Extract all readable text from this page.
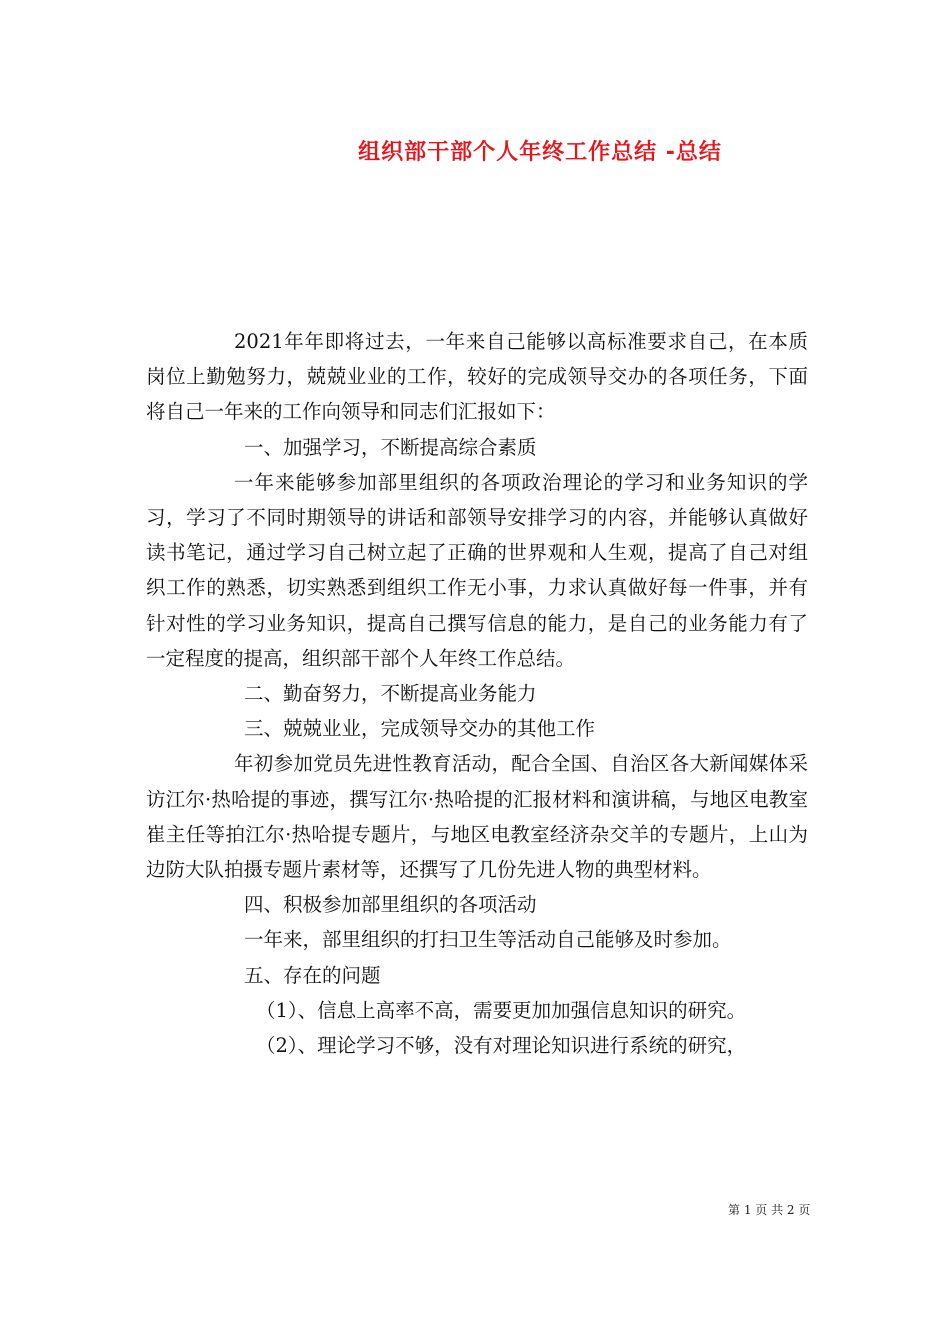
组织部干部个人年终工作总结 -总结

2021年年即将过去，一年来自己能够以高标准要求自己，在本质岗位上勤勉努力，兢兢业业的工作，较好的完成领导交办的各项任务，下面将自己一年来的工作向领导和同志们汇报如下：

一、加强学习，不断提高综合素质

一年来能够参加部里组织的各项政治理论的学习和业务知识的学习，学习了不同时期领导的讲话和部领导安排学习的内容，并能够认真做好读书笔记，通过学习自己树立起了正确的世界观和人生观，提高了自己对组织工作的熟悉，切实熟悉到组织工作无小事，力求认真做好每一件事，并有针对性的学习业务知识，提高自己撰写信息的能力，是自己的业务能力有了一定程度的提高，组织部干部个人年终工作总结。

二、勤奋努力，不断提高业务能力

三、兢兢业业，完成领导交办的其他工作

年初参加党员先进性教育活动，配合全国、自治区各大新闻媒体采访江尔·热哈提的事迹，撰写江尔·热哈提的汇报材料和演讲稿，与地区电教室崔主任等拍江尔·热哈提专题片，与地区电教室经济杂交羊的专题片，上山为边防大队拍摄专题片素材等，还撰写了几份先进人物的典型材料。

四、积极参加部里组织的各项活动

一年来，部里组织的打扫卫生等活动自己能够及时参加。

五、存在的问题

（1）、信息上高率不高，需要更加加强信息知识的研究。

（2）、理论学习不够，没有对理论知识进行系统的研究，

第 1 页 共 2 页
